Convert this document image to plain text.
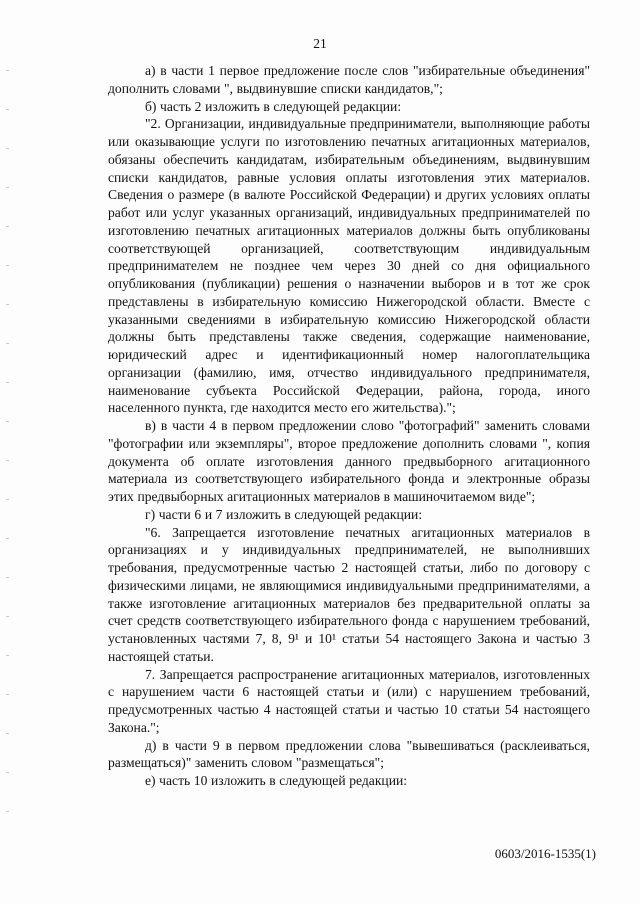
21

а) в части 1 первое предложение после слов "избирательные объединения" дополнить словами ", выдвинувшие списки кандидатов,";

б) часть 2 изложить в следующей редакции:

"2. Организации, индивидуальные предприниматели, выполняющие работы или оказывающие услуги по изготовлению печатных агитационных материалов, обязаны обеспечить кандидатам, избирательным объединениям, выдвинувшим списки кандидатов, равные условия оплаты изготовления этих материалов. Сведения о размере (в валюте Российской Федерации) и других условиях оплаты работ или услуг указанных организаций, индивидуальных предпринимателей по изготовлению печатных агитационных материалов должны быть опубликованы соответствующей организацией, соответствующим индивидуальным предпринимателем не позднее чем через 30 дней со дня официального опубликования (публикации) решения о назначении выборов и в тот же срок представлены в избирательную комиссию Нижегородской области. Вместе с указанными сведениями в избирательную комиссию Нижегородской области должны быть представлены также сведения, содержащие наименование, юридический адрес и идентификационный номер налогоплательщика организации (фамилию, имя, отчество индивидуального предпринимателя, наименование субъекта Российской Федерации, района, города, иного населенного пункта, где находится место его жительства).";

в) в части 4 в первом предложении слово "фотографий" заменить словами "фотографии или экземпляры", второе предложение дополнить словами ", копия документа об оплате изготовления данного предвыборного агитационного материала из соответствующего избирательного фонда и электронные образы этих предвыборных агитационных материалов в машиночитаемом виде";

г) части 6 и 7 изложить в следующей редакции:

"6. Запрещается изготовление печатных агитационных материалов в организациях и у индивидуальных предпринимателей, не выполнивших требования, предусмотренные частью 2 настоящей статьи, либо по договору с физическими лицами, не являющимися индивидуальными предпринимателями, а также изготовление агитационных материалов без предварительной оплаты за счет средств соответствующего избирательного фонда с нарушением требований, установленных частями 7, 8, 9¹ и 10¹ статьи 54 настоящего Закона и частью 3 настоящей статьи.

7. Запрещается распространение агитационных материалов, изготовленных с нарушением части 6 настоящей статьи и (или) с нарушением требований, предусмотренных частью 4 настоящей статьи и частью 10 статьи 54 настоящего Закона.";

д) в части 9 в первом предложении слова "вывешиваться (расклеиваться, размещаться)" заменить словом "размещаться";

е) часть 10 изложить в следующей редакции:

0603/2016-1535(1)
